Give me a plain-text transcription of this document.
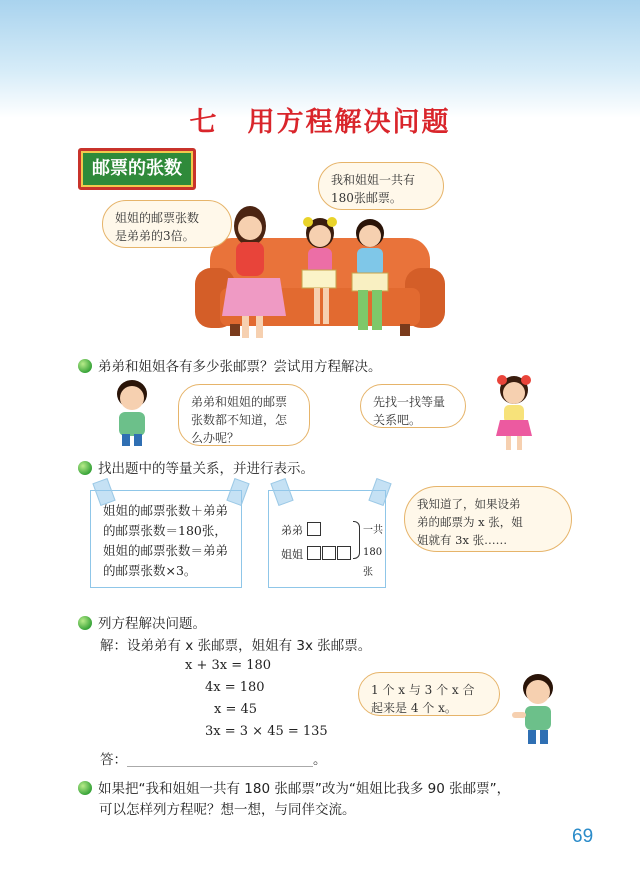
七　用方程解决问题
邮票的张数
姐姐的邮票张数
是弟弟的3倍。
我和姐姐一共有
180张邮票。
弟弟和姐姐各有多少张邮票？尝试用方程解决。
弟弟和姐姐的邮票
张数都不知道，怎
么办呢？
先找一找等量
关系吧。
找出题中的等量关系，并进行表示。
姐姐的邮票张数＋弟弟
的邮票张数＝180张，
姐姐的邮票张数＝弟弟
的邮票张数×3。
弟弟
姐姐
一共
180张
我知道了，如果设弟
弟的邮票为 x 张，姐
姐就有 3x 张……
列方程解决问题。
解：设弟弟有 x 张邮票，姐姐有 3x 张邮票。
x + 3x = 180
4x = 180
x = 45
3x = 3 × 45 = 135
答：	。
1 个 x 与 3 个 x 合
起来是 4 个 x。
如果把“我和姐姐一共有 180 张邮票”改为“姐姐比我多 90 张邮票”，
可以怎样列方程呢？想一想，与同伴交流。
69
